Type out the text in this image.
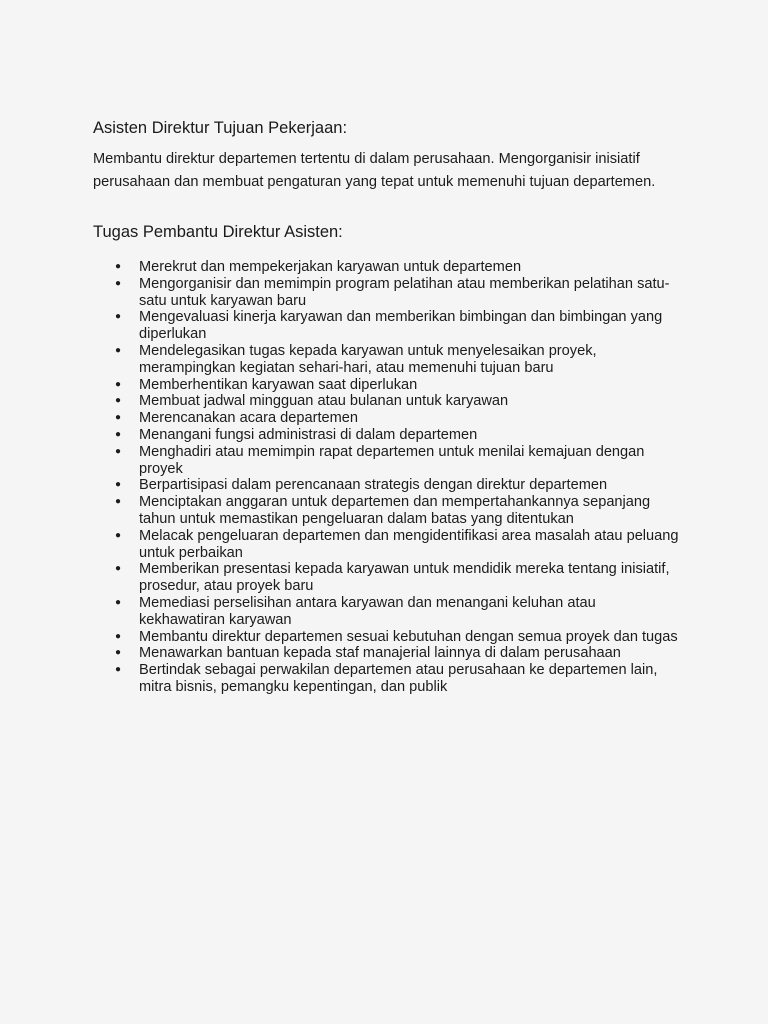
Asisten Direktur Tujuan Pekerjaan:

Membantu direktur departemen tertentu di dalam perusahaan. Mengorganisir inisiatif perusahaan dan membuat pengaturan yang tepat untuk memenuhi tujuan departemen.

Tugas Pembantu Direktur Asisten:
● Merekrut dan mempekerjakan karyawan untuk departemen
● Mengorganisir dan memimpin program pelatihan atau memberikan pelatihan satu-satu untuk karyawan baru
● Mengevaluasi kinerja karyawan dan memberikan bimbingan dan bimbingan yang diperlukan
● Mendelegasikan tugas kepada karyawan untuk menyelesaikan proyek, merampingkan kegiatan sehari-hari, atau memenuhi tujuan baru
● Memberhentikan karyawan saat diperlukan
● Membuat jadwal mingguan atau bulanan untuk karyawan
● Merencanakan acara departemen
● Menangani fungsi administrasi di dalam departemen
● Menghadiri atau memimpin rapat departemen untuk menilai kemajuan dengan proyek
● Berpartisipasi dalam perencanaan strategis dengan direktur departemen
● Menciptakan anggaran untuk departemen dan mempertahankannya sepanjang tahun untuk memastikan pengeluaran dalam batas yang ditentukan
● Melacak pengeluaran departemen dan mengidentifikasi area masalah atau peluang untuk perbaikan
● Memberikan presentasi kepada karyawan untuk mendidik mereka tentang inisiatif, prosedur, atau proyek baru
● Memediasi perselisihan antara karyawan dan menangani keluhan atau kekhawatiran karyawan
● Membantu direktur departemen sesuai kebutuhan dengan semua proyek dan tugas
● Menawarkan bantuan kepada staf manajerial lainnya di dalam perusahaan
● Bertindak sebagai perwakilan departemen atau perusahaan ke departemen lain, mitra bisnis, pemangku kepentingan, dan publik
